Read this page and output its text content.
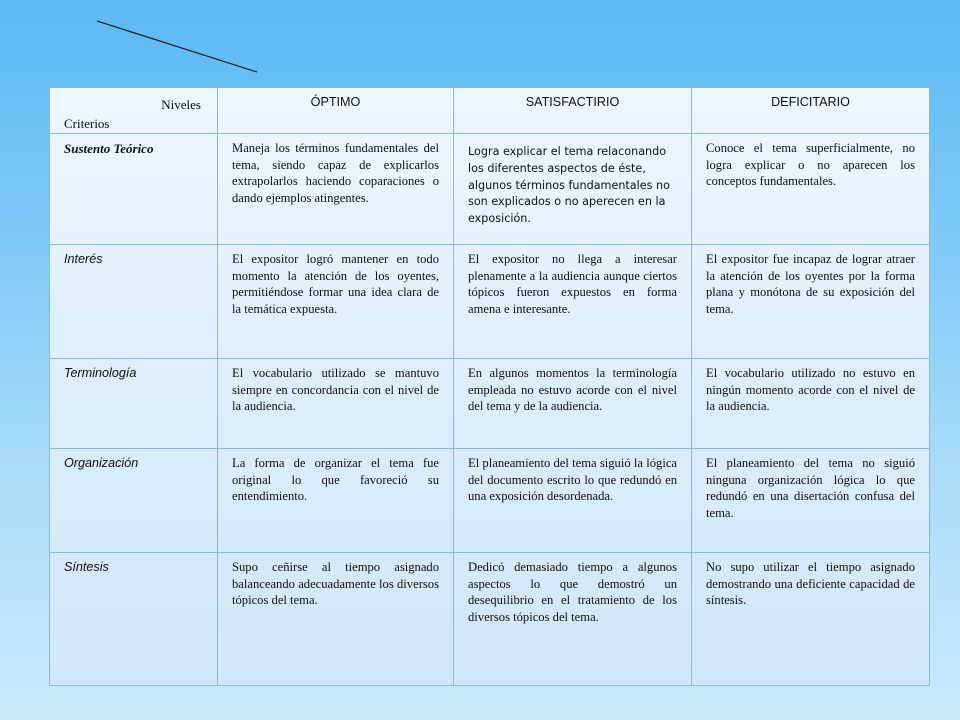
Niveles
Criterios	ÓPTIMO	SATISFACTIRIO	DEFICITARIO
Sustento Teórico	Maneja los términos fundamentales del tema, siendo capaz de explicarlos extrapolarlos haciendo coparaciones o dando ejemplos atingentes.	Logra explicar el tema relaconando los diferentes aspectos de éste, algunos términos fundamentales no son explicados o no aperecen en la exposición.	Conoce el tema superficialmente, no logra explicar o no aparecen los conceptos fundamentales.
Interés	El expositor logró mantener en todo momento la atención de los oyentes, permitiéndose formar una idea clara de la temática expuesta.	El expositor no llega a interesar plenamente a la audiencia aunque ciertos tópicos fueron expuestos en forma amena e interesante.	El expositor fue incapaz de lograr atraer la atención de los oyentes por la forma plana y monótona de su exposición del tema.
Terminología	El vocabulario utilizado se mantuvo siempre en concordancia con el nivel de la audiencia.	En algunos momentos la terminología empleada no estuvo acorde con el nivel del tema y de la audiencia.	El vocabulario utilizado no estuvo en ningún momento acorde con el nivel de la audiencia.
Organización	La forma de organizar el tema fue original lo que favoreció su entendimiento.	El planeamiento del tema siguió la lógica del documento escrito lo que redundó en una exposición desordenada.	El planeamiento del tema no siguió ninguna organización lógica lo que redundó en una disertación confusa del tema.
Síntesis	Supo ceñirse al tiempo asignado balanceando adecuadamente los diversos tópicos del tema.	Dedicó demasiado tiempo a algunos aspectos lo que demostró un desequilibrio en el tratamiento de los diversos tópicos del tema.	No supo utilizar el tiempo asignado demostrando una deficiente capacidad de síntesis.
